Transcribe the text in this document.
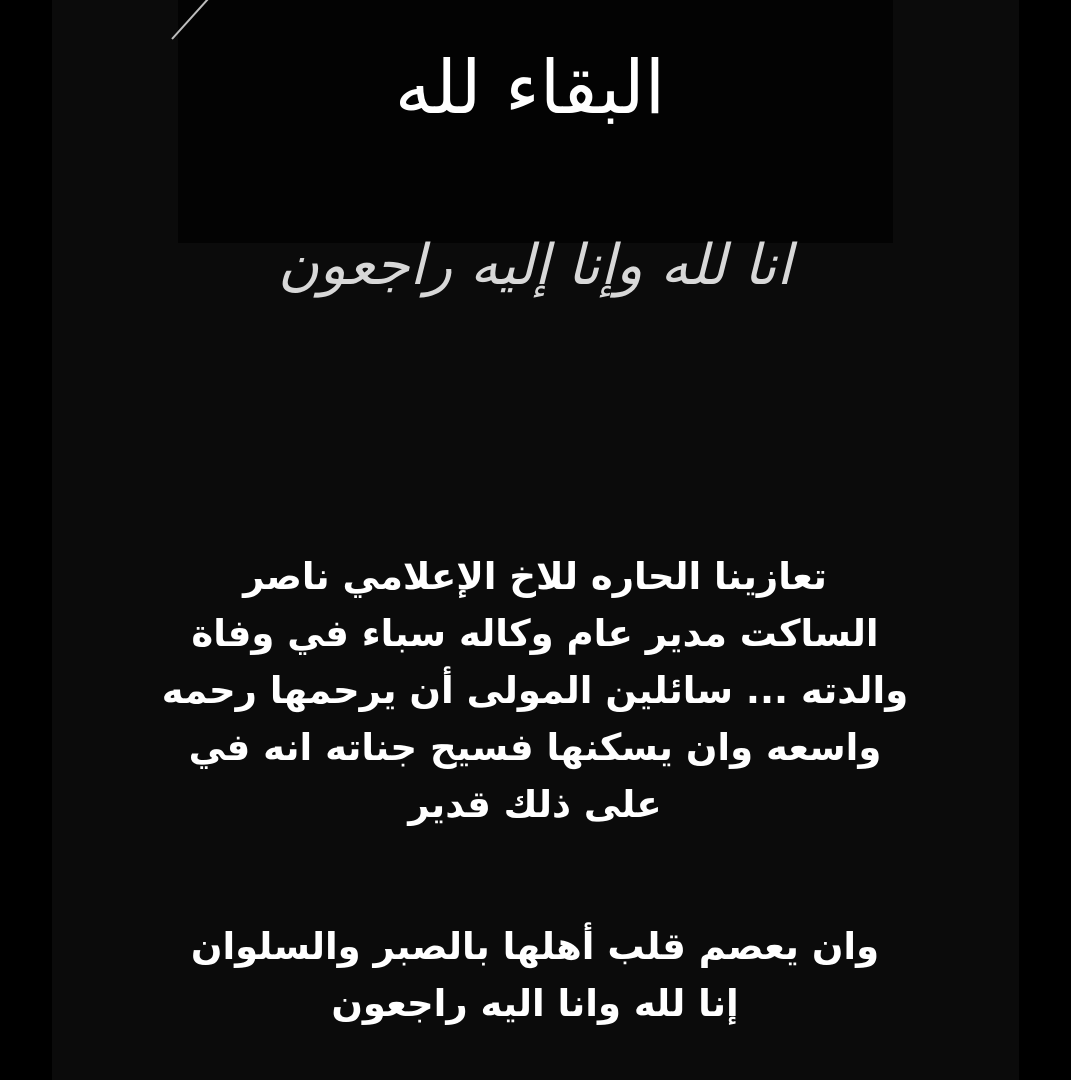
البقاء لله
انا لله وإنا إليه راجعون
تعازينا الحاره للاخ الإعلامي ناصر
الساكت مدير عام وكاله سباء في وفاة
والدته ... سائلين المولى أن يرحمها رحمه
واسعه وان يسكنها فسيح جناته انه في
على ذلك قدير
وان يعصم قلب أهلها بالصبر والسلوان
إنا لله وانا اليه راجعون
